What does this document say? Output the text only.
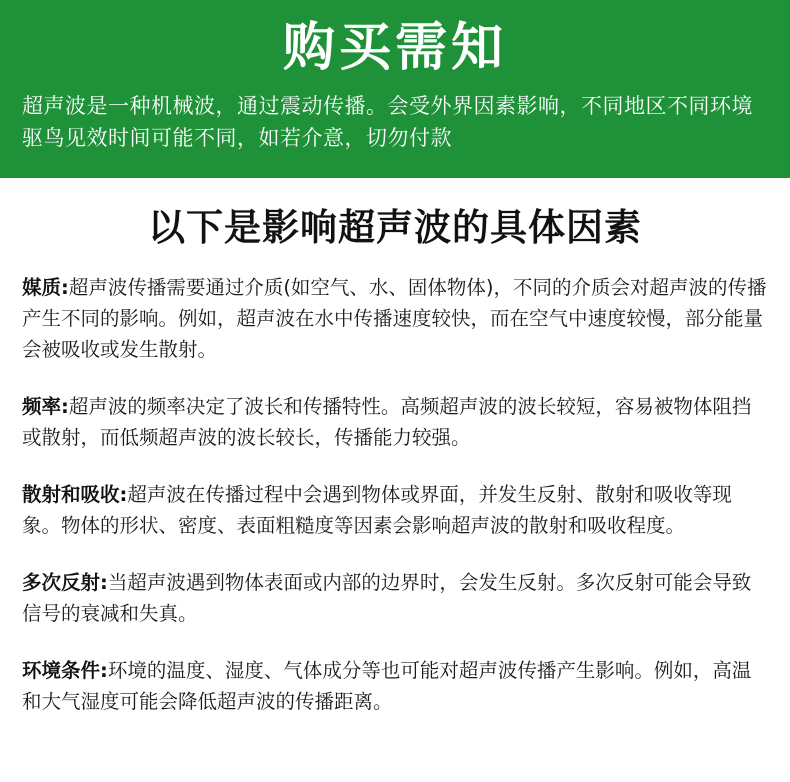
购买需知
超声波是一种机械波，通过震动传播。会受外界因素影响，不同地区不同环境驱鸟见效时间可能不同，如若介意，切勿付款
以下是影响超声波的具体因素
媒质:超声波传播需要通过介质(如空气、水、固体物体)，不同的介质会对超声波的传播产生不同的影响。例如，超声波在水中传播速度较快，而在空气中速度较慢，部分能量会被吸收或发生散射。
频率:超声波的频率决定了波长和传播特性。高频超声波的波长较短，容易被物体阻挡或散射，而低频超声波的波长较长，传播能力较强。
散射和吸收:超声波在传播过程中会遇到物体或界面，并发生反射、散射和吸收等现象。物体的形状、密度、表面粗糙度等因素会影响超声波的散射和吸收程度。
多次反射:当超声波遇到物体表面或内部的边界时，会发生反射。多次反射可能会导致信号的衰减和失真。
环境条件:环境的温度、湿度、气体成分等也可能对超声波传播产生影响。例如，高温和大气湿度可能会降低超声波的传播距离。
